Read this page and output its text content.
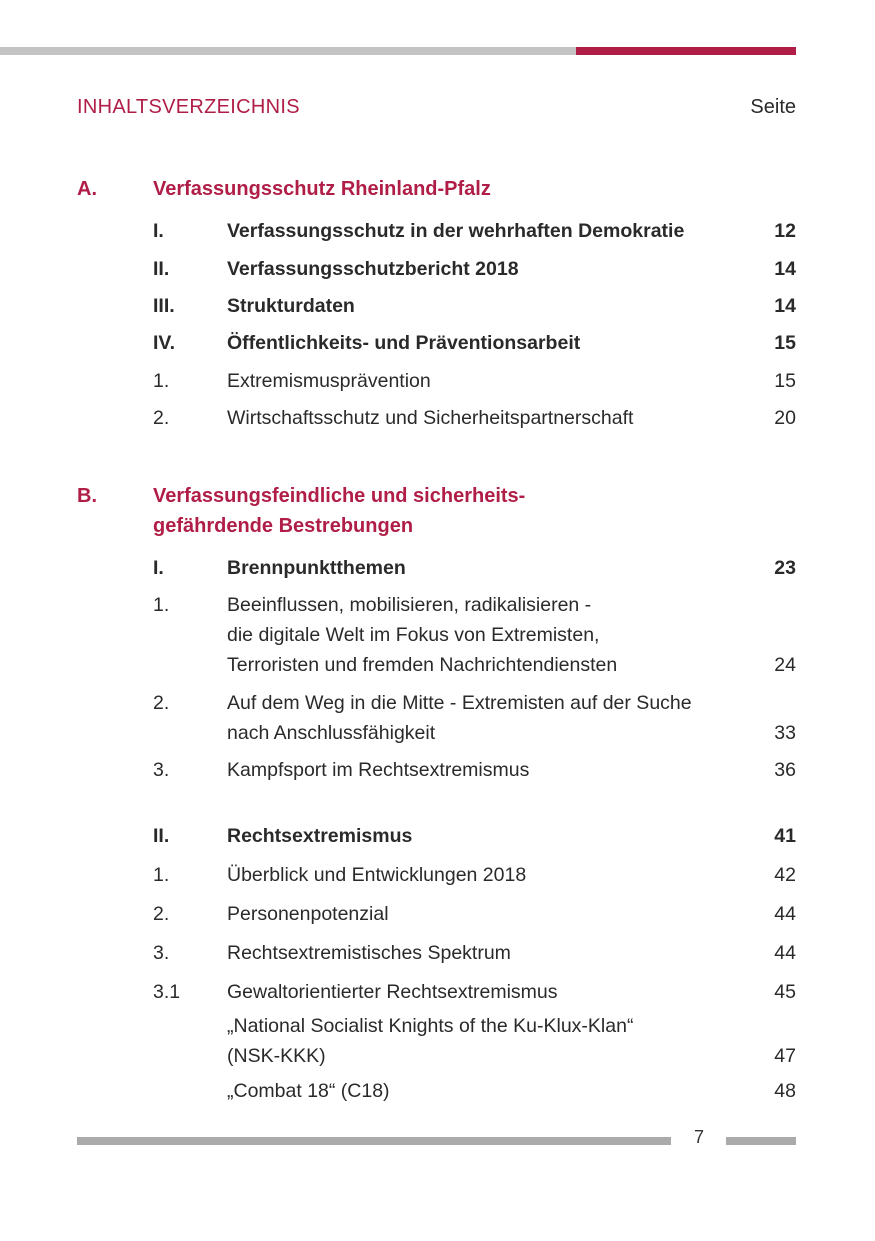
INHALTSVERZEICHNIS	Seite
A.	Verfassungsschutz Rheinland-Pfalz
I.	Verfassungsschutz in der wehrhaften Demokratie	12
II.	Verfassungsschutzbericht 2018	14
III.	Strukturdaten	14
IV.	Öffentlichkeits- und Präventionsarbeit	15
1.	Extremismusprävention	15
2.	Wirtschaftsschutz und Sicherheitspartnerschaft	20
B.	Verfassungsfeindliche und sicherheits-
gefährdende Bestrebungen
I.	Brennpunktthemen	23
1.	Beeinflussen, mobilisieren, radikalisieren -
die digitale Welt im Fokus von Extremisten,
Terroristen und fremden Nachrichtendiensten	24
2.	Auf dem Weg in die Mitte - Extremisten auf der Suche
nach Anschlussfähigkeit	33
3.	Kampfsport im Rechtsextremismus	36
II.	Rechtsextremismus	41
1.	Überblick und Entwicklungen 2018	42
2.	Personenpotenzial	44
3.	Rechtsextremistisches Spektrum	44
3.1 Gewaltorientierter Rechtsextremismus	45
„National Socialist Knights of the Ku-Klux-Klan“
(NSK-KKK)	47
„Combat 18“ (C18)	48
7
